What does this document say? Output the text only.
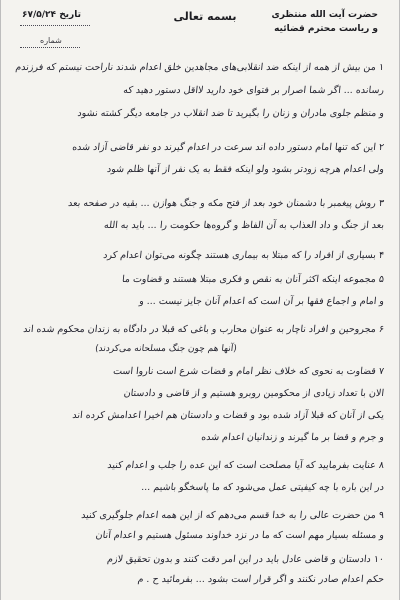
حضرت آیت الله منتظری
و ریاست محترم قضائیه
بسمه تعالی
تاریخ ۶۷/۵/۲۴
شماره
۱ من بیش از همه از اینکه ضد انقلابی‌های مجاهدین خلق اعدام شدند ناراحت نیستم که فرزندم
رسانده ... ‌اگر شما اصرار بر فتوای خود دارید لااقل دستور دهید که
و منظم جلوی مادران و زنان را بگیرید تا ضد انقلاب در جامعه دیگر کشته نشود
۲ این که تنها امام دستور داده اند سرعت در اعدام گیرند دو نفر قاضی آزاد شده
ولی اعدام هرچه زودتر بشود ولو اینکه فقط به یک نفر از آنها ظلم شود
۳ روش پیغمبر با دشمنان خود بعد از فتح مکه و جنگ هوازن ... بقیه در صفحه بعد
بعد از جنگ و داد العذاب به آن الفاظ و گروه‌ها حکومت را ... ‌باید به الله
۴ بسیاری از افراد را که مبتلا به بیماری هستند چگونه می‌توان اعدام کرد
۵ مجموعه اینکه اکثر آنان به نقص و فکری مبتلا هستند و قضاوت ما
و امام و اجماع فقها بر آن است که اعدام آنان جایز نیست ... و
۶ مجروحین و افراد ناچار به عنوان محارب و باغی که قبلا در دادگاه به زندان محکوم شده اند
(آنها هم چون جنگ مسلحانه می‌کردند)
۷ قضاوت به نحوی که خلاف نظر امام و قضات شرع است ناروا است
الان با تعداد زیادی از محکومین روبرو هستیم و از قاضی و دادستان
یکی از آنان که قبلا آزاد شده بود و قضات و دادستان هم اخیرا اعدامش کرده اند
و جرم و قضا بر ما گیرند و زندانیان اعدام شده
۸ عنایت بفرمایید که آیا مصلحت است که این عده را جلب و اعدام کنید
در این باره با چه کیفیتی عمل می‌شود که ما پاسخگو باشیم ...
۹ من حضرت عالی را به خدا قسم می‌دهم که از این همه اعدام جلوگیری کنید
و مسئله بسیار مهم است که ما در نزد خداوند مسئول هستیم و اعدام آنان
۱۰ دادستان و قاضی عادل باید در این امر دقت کنند و بدون تحقیق لازم
حکم اعدام صادر نکنند و اگر قرار است بشود ... ‌بفرمائید ح . م
